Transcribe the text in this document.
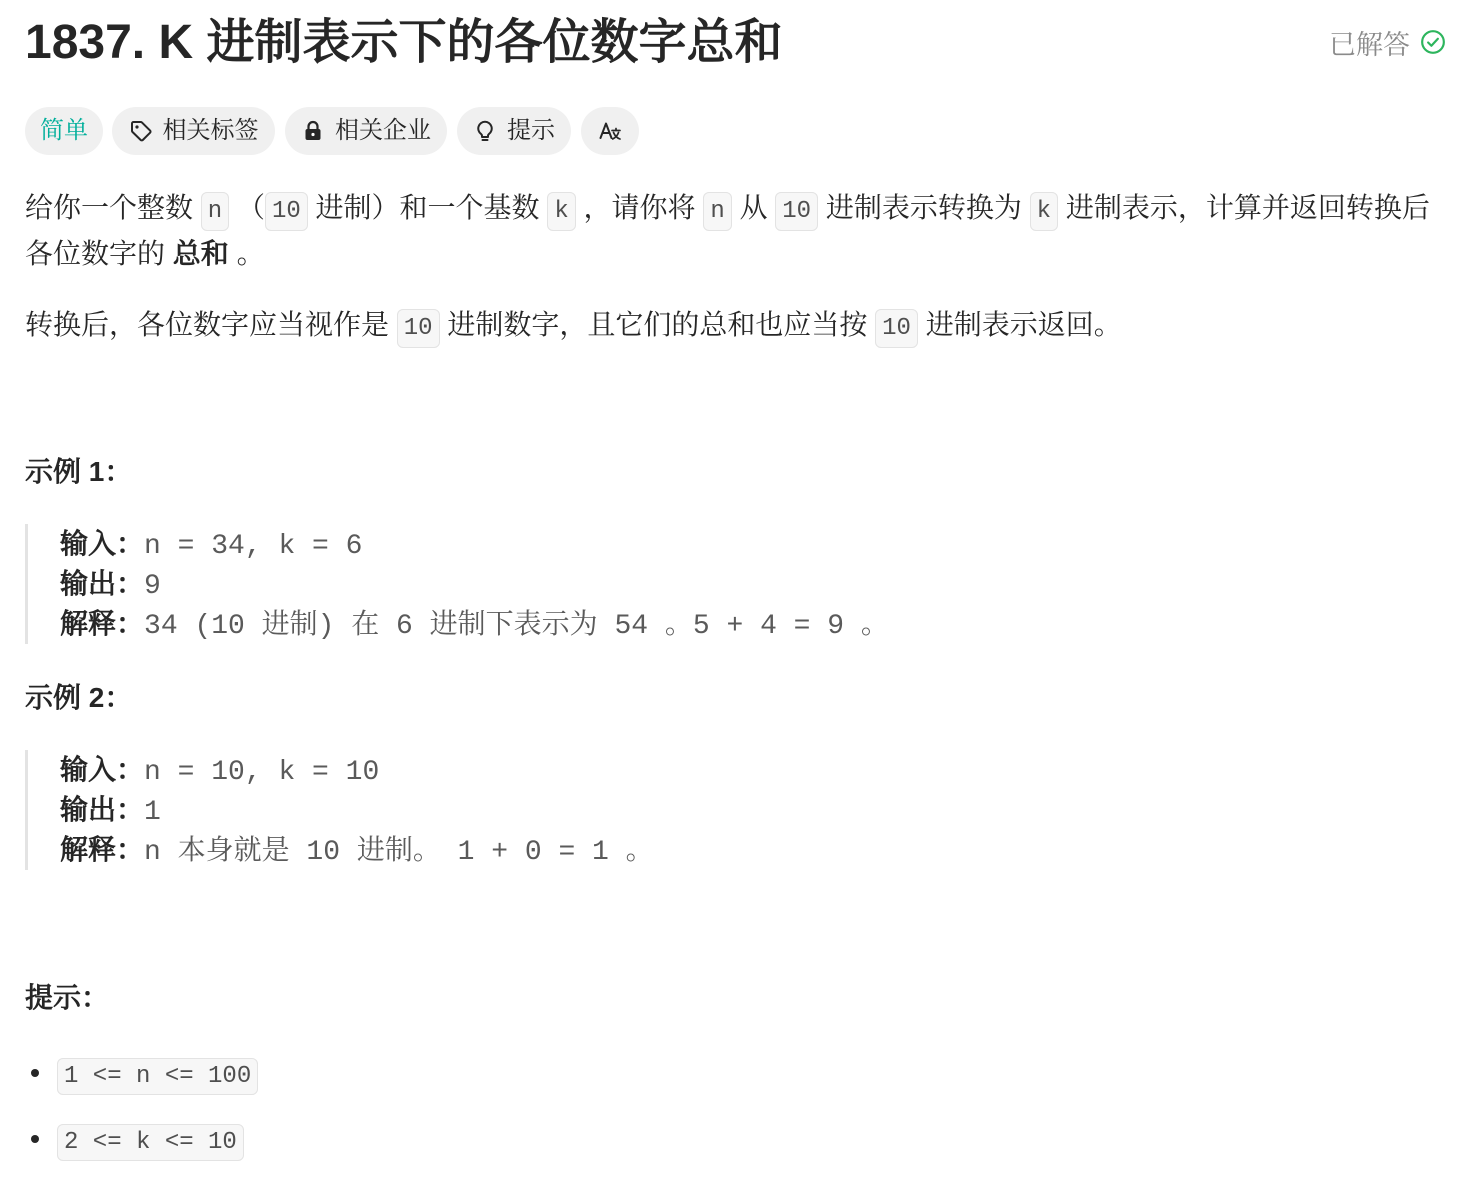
1837. K 进制表示下的各位数字总和	已解答
简单	相关标签	相关企业	提示

给你一个整数 n （ 10 进制）和一个基数 k ，请你将 n 从 10 进制表示转换为 k 进制表示，计算并返回转换后各位数字的 总和 。

转换后，各位数字应当视作是 10 进制数字，且它们的总和也应当按 10 进制表示返回。

示例 1：
输入：n = 34, k = 6
输出：9
解释：34 (10 进制) 在 6 进制下表示为 54 。5 + 4 = 9 。
示例 2：
输入：n = 10, k = 10
输出：1
解释：n 本身就是 10 进制。 1 + 0 = 1 。
提示：
1 <= n <= 100
2 <= k <= 10
